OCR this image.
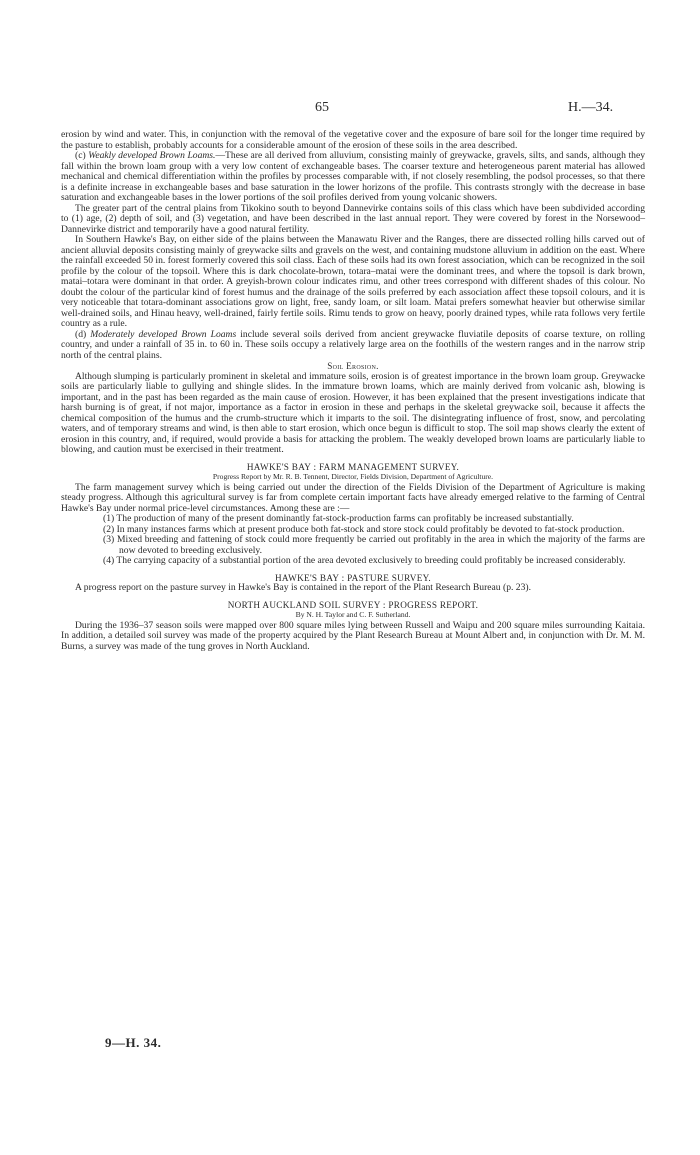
65	H.—34.

erosion by wind and water. This, in conjunction with the removal of the vegetative cover and the exposure of bare soil for the longer time required by the pasture to establish, probably accounts for a considerable amount of the erosion of these soils in the area described.

(c) Weakly developed Brown Loams.—These are all derived from alluvium, consisting mainly of greywacke, gravels, silts, and sands, although they fall within the brown loam group with a very low content of exchangeable bases. The coarser texture and heterogeneous parent material has allowed mechanical and chemical differentiation within the profiles by processes comparable with, if not closely resembling, the podsol processes, so that there is a definite increase in exchangeable bases and base saturation in the lower horizons of the profile. This contrasts strongly with the decrease in base saturation and exchangeable bases in the lower portions of the soil profiles derived from young volcanic showers.

The greater part of the central plains from Tikokino south to beyond Dannevirke contains soils of this class which have been subdivided according to (1) age, (2) depth of soil, and (3) vegetation, and have been described in the last annual report. They were covered by forest in the Norsewood–Dannevirke district and temporarily have a good natural fertility.

In Southern Hawke's Bay, on either side of the plains between the Manawatu River and the Ranges, there are dissected rolling hills carved out of ancient alluvial deposits consisting mainly of greywacke silts and gravels on the west, and containing mudstone alluvium in addition on the east. Where the rainfall exceeded 50 in. forest formerly covered this soil class. Each of these soils had its own forest association, which can be recognized in the soil profile by the colour of the topsoil. Where this is dark chocolate-brown, totara–matai were the dominant trees, and where the topsoil is dark brown, matai–totara were dominant in that order. A greyish-brown colour indicates rimu, and other trees correspond with different shades of this colour. No doubt the colour of the particular kind of forest humus and the drainage of the soils preferred by each association affect these topsoil colours, and it is very noticeable that totara-dominant associations grow on light, free, sandy loam, or silt loam. Matai prefers somewhat heavier but otherwise similar well-drained soils, and Hinau heavy, well-drained, fairly fertile soils. Rimu tends to grow on heavy, poorly drained types, while rata follows very fertile country as a rule.

(d) Moderately developed Brown Loams include several soils derived from ancient greywacke fluviatile deposits of coarse texture, on rolling country, and under a rainfall of 35 in. to 60 in. These soils occupy a relatively large area on the foothills of the western ranges and in the narrow strip north of the central plains.

Soil Erosion.

Although slumping is particularly prominent in skeletal and immature soils, erosion is of greatest importance in the brown loam group. Greywacke soils are particularly liable to gullying and shingle slides. In the immature brown loams, which are mainly derived from volcanic ash, blowing is important, and in the past has been regarded as the main cause of erosion. However, it has been explained that the present investigations indicate that harsh burning is of great, if not major, importance as a factor in erosion in these and perhaps in the skeletal greywacke soil, because it affects the chemical composition of the humus and the crumb-structure which it imparts to the soil. The disintegrating influence of frost, snow, and percolating waters, and of temporary streams and wind, is then able to start erosion, which once begun is difficult to stop. The soil map shows clearly the extent of erosion in this country, and, if required, would provide a basis for attacking the problem. The weakly developed brown loams are particularly liable to blowing, and caution must be exercised in their treatment.

HAWKE'S BAY : FARM MANAGEMENT SURVEY.

Progress Report by Mr. R. B. Tennent, Director, Fields Division, Department of Agriculture.

The farm management survey which is being carried out under the direction of the Fields Division of the Department of Agriculture is making steady progress. Although this agricultural survey is far from complete certain important facts have already emerged relative to the farming of Central Hawke's Bay under normal price-level circumstances. Among these are :—

(1) The production of many of the present dominantly fat-stock-production farms can profitably be increased substantially.

(2) In many instances farms which at present produce both fat-stock and store stock could profitably be devoted to fat-stock production.

(3) Mixed breeding and fattening of stock could more frequently be carried out profitably in the area in which the majority of the farms are now devoted to breeding exclusively.

(4) The carrying capacity of a substantial portion of the area devoted exclusively to breeding could profitably be increased considerably.

HAWKE'S BAY : PASTURE SURVEY.

A progress report on the pasture survey in Hawke's Bay is contained in the report of the Plant Research Bureau (p. 23).

NORTH AUCKLAND SOIL SURVEY : PROGRESS REPORT.

By N. H. Taylor and C. F. Sutherland.

During the 1936–37 season soils were mapped over 800 square miles lying between Russell and Waipu and 200 square miles surrounding Kaitaia. In addition, a detailed soil survey was made of the property acquired by the Plant Research Bureau at Mount Albert and, in conjunction with Dr. M. M. Burns, a survey was made of the tung groves in North Auckland.

9—H. 34.
